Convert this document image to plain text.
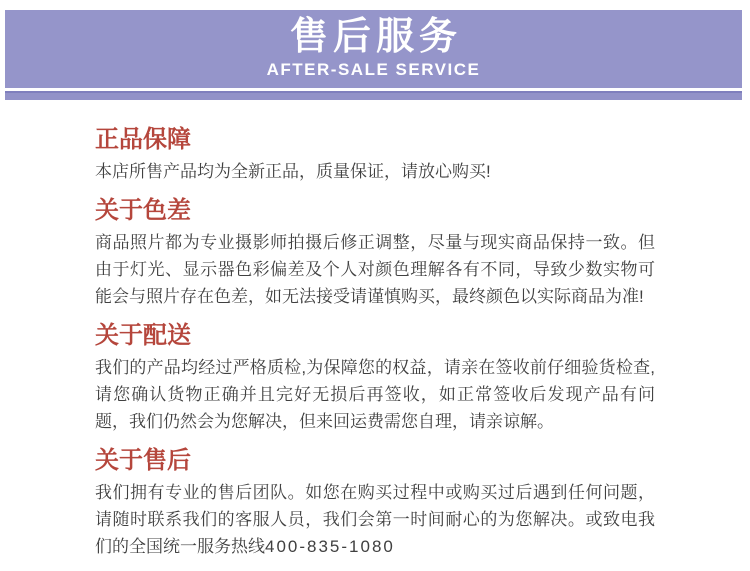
售后服务
AFTER-SALE SERVICE
正品保障

本店所售产品均为全新正品，质量保证，请放心购买!

关于色差

商品照片都为专业摄影师拍摄后修正调整，尽量与现实商品保持一致。但由于灯光、显示器色彩偏差及个人对颜色理解各有不同，导致少数实物可能会与照片存在色差，如无法接受请谨慎购买，最终颜色以实际商品为准!

关于配送

我们的产品均经过严格质检,为保障您的权益，请亲在签收前仔细验货检查,请您确认货物正确并且完好无损后再签收，如正常签收后发现产品有问题，我们仍然会为您解决，但来回运费需您自理，请亲谅解。

关于售后

我们拥有专业的售后团队。如您在购买过程中或购买过后遇到任何问题，请随时联系我们的客服人员，我们会第一时间耐心的为您解决。或致电我们的全国统一服务热线400-835-1080
